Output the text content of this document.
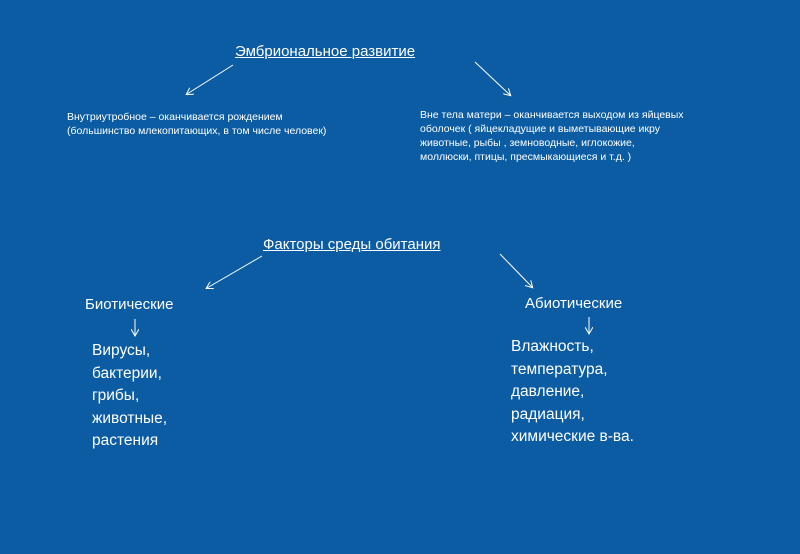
Эмбриональное развитие
Внутриутробное – оканчивается рождением (большинство млекопитающих, в том числе человек)
Вне тела матери – оканчивается выходом из яйцевых оболочек ( яйцекладущие и выметывающие икру животные, рыбы , земноводные, иглокожие, моллюски, птицы, пресмыкающиеся и т.д. )
Факторы среды обитания
Биотические	Абиотические
Вирусы,
бактерии,
грибы,
животные,
растения
Влажность,
температура,
давление,
радиация,
химические в-ва.
